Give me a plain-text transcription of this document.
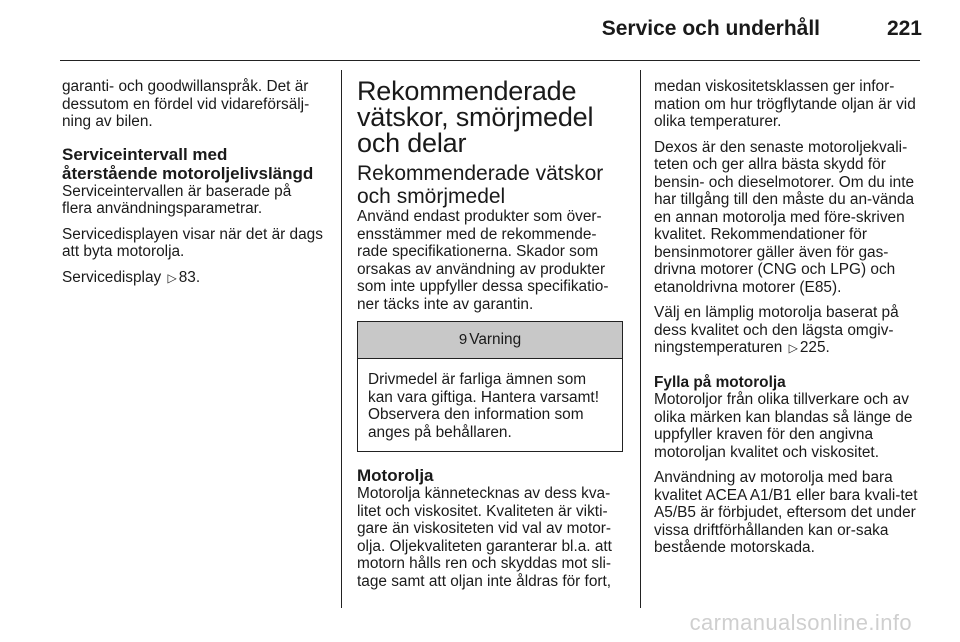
Service och underhåll	221

garanti- och goodwillanspråk. Det är dessutom en fördel vid vidareförsälj-ning av bilen.

Serviceintervall med återstående motoroljelivslängd

Serviceintervallen är baserade på flera användningsparametrar.

Servicedisplayen visar när det är dags att byta motorolja.

Servicedisplay ▷ 83.

Rekommenderade vätskor, smörjmedel och delar
Rekommenderade vätskor och smörjmedel

Använd endast produkter som över-ensstämmer med de rekommende-rade specifikationerna. Skador som orsakas av användning av produkter som inte uppfyller dessa specifikatio-ner täcks inte av garantin.

9 Varning
Drivmedel är farliga ämnen som kan vara giftiga. Hantera varsamt! Observera den information som anges på behållaren.
Motorolja

Motorolja kännetecknas av dess kva-litet och viskositet. Kvaliteten är vikti-gare än viskositeten vid val av motor-olja. Oljekvaliteten garanterar bl.a. att motorn hålls ren och skyddas mot sli-tage samt att oljan inte åldras för fort,

medan viskositetsklassen ger infor-mation om hur trögflytande oljan är vid olika temperaturer.

Dexos är den senaste motoroljekvali-teten och ger allra bästa skydd för bensin- och dieselmotorer. Om du inte har tillgång till den måste du an-vända en annan motorolja med före-skriven kvalitet. Rekommendationer för bensinmotorer gäller även för gas-drivna motorer (CNG och LPG) och etanoldrivna motorer (E85).

Välj en lämplig motorolja baserat på dess kvalitet och den lägsta omgiv-ningstemperaturen ▷ 225.

Fylla på motorolja

Motoroljor från olika tillverkare och av olika märken kan blandas så länge de uppfyller kraven för den angivna motoroljan kvalitet och viskositet.

Användning av motorolja med bara kvalitet ACEA A1/B1 eller bara kvali-tet A5/B5 är förbjudet, eftersom det under vissa driftförhållanden kan or-saka bestående motorskada.

carmanualsonline.info
